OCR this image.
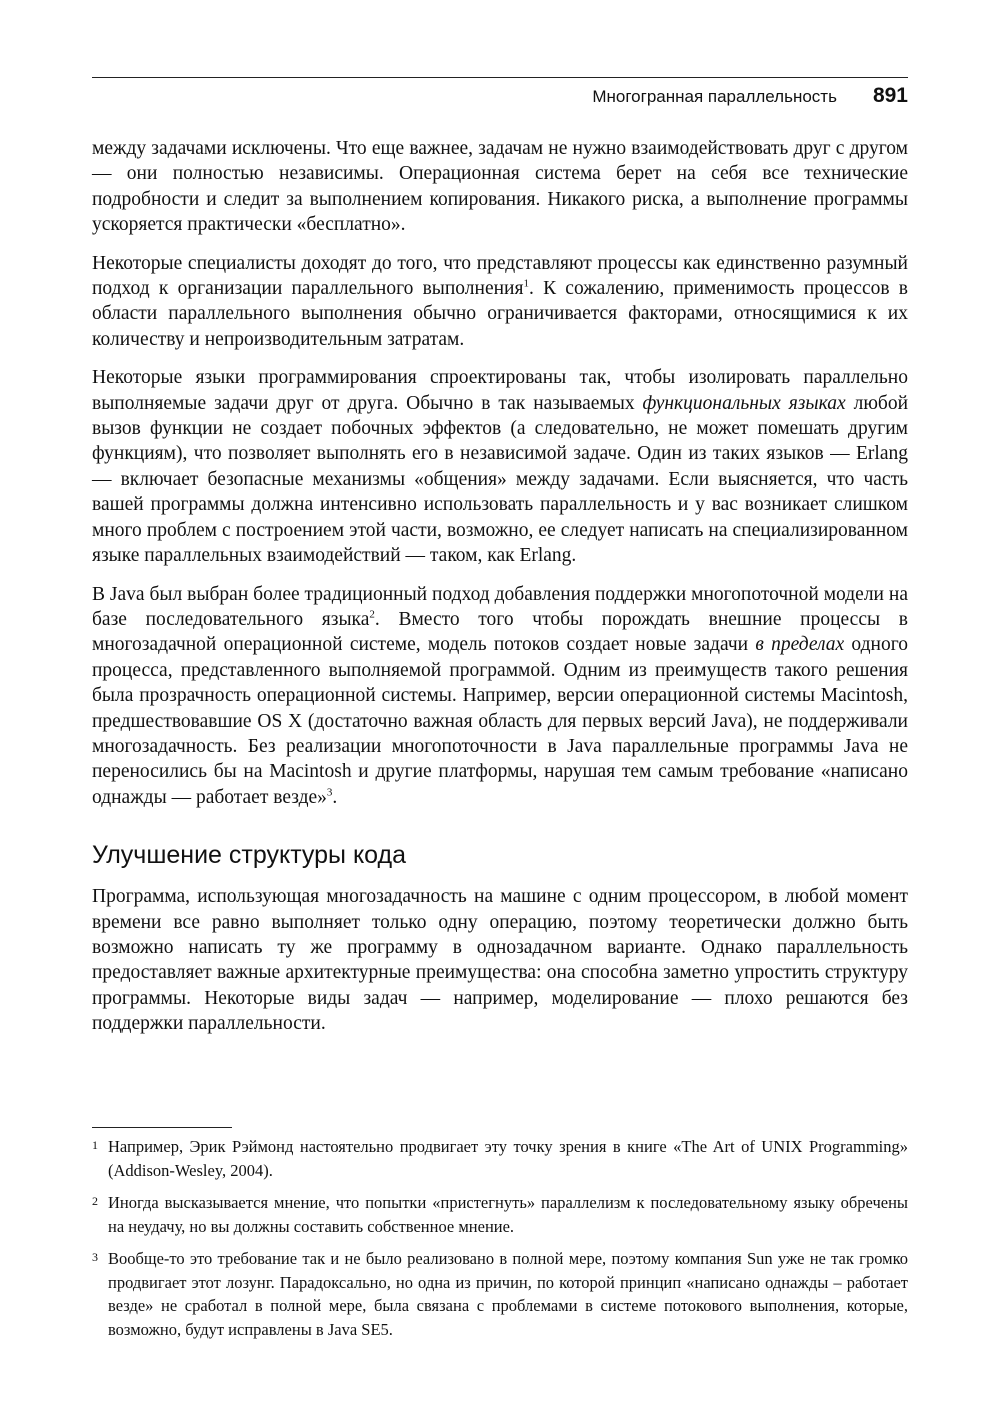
Многогранная параллельность 891

между задачами исключены. Что еще важнее, задачам не нужно взаимодействовать друг с другом — они полностью независимы. Операционная система берет на себя все технические подробности и следит за выполнением копирования. Никакого риска, а выполнение программы ускоряется практически «бесплатно».

Некоторые специалисты доходят до того, что представляют процессы как единственно разумный подход к организации параллельного выполнения$^1$. К сожалению, применимость процессов в области параллельного выполнения обычно ограничивается факторами, относящимися к их количеству и непроизводительным затратам.

Некоторые языки программирования спроектированы так, чтобы изолировать параллельно выполняемые задачи друг от друга. Обычно в так называемых функциональных языках любой вызов функции не создает побочных эффектов (а следовательно, не может помешать другим функциям), что позволяет выполнять его в независимой задаче. Один из таких языков — Erlang — включает безопасные механизмы «общения» между задачами. Если выясняется, что часть вашей программы должна интенсивно использовать параллельность и у вас возникает слишком много проблем с построением этой части, возможно, ее следует написать на специализированном языке параллельных взаимодействий — таком, как Erlang.

В Java был выбран более традиционный подход добавления поддержки многопоточной модели на базе последовательного языка$^2$. Вместо того чтобы порождать внешние процессы в многозадачной операционной системе, модель потоков создает новые задачи в пределах одного процесса, представленного выполняемой программой. Одним из преимуществ такого решения была прозрачность операционной системы. Например, версии операционной системы Macintosh, предшествовавшие OS X (достаточно важная область для первых версий Java), не поддерживали многозадачность. Без реализации многопоточности в Java параллельные программы Java не переносились бы на Macintosh и другие платформы, нарушая тем самым требование «написано однажды — работает везде»$^3$.

Улучшение структуры кода

Программа, использующая многозадачность на машине с одним процессором, в любой момент времени все равно выполняет только одну операцию, поэтому теоретически должно быть возможно написать ту же программу в однозадачном варианте. Однако параллельность предоставляет важные архитектурные преимущества: она способна заметно упростить структуру программы. Некоторые виды задач — например, моделирование — плохо решаются без поддержки параллельности.

1 Например, Эрик Рэймонд настоятельно продвигает эту точку зрения в книге «The Art of UNIX Programming» (Addison-Wesley, 2004).
2 Иногда высказывается мнение, что попытки «пристегнуть» параллелизм к последовательному языку обречены на неудачу, но вы должны составить собственное мнение.
3 Вообще-то это требование так и не было реализовано в полной мере, поэтому компания Sun уже не так громко продвигает этот лозунг. Парадоксально, но одна из причин, по которой принцип «написано однажды – работает везде» не сработал в полной мере, была связана с проблемами в системе потокового выполнения, которые, возможно, будут исправлены в Java SE5.
